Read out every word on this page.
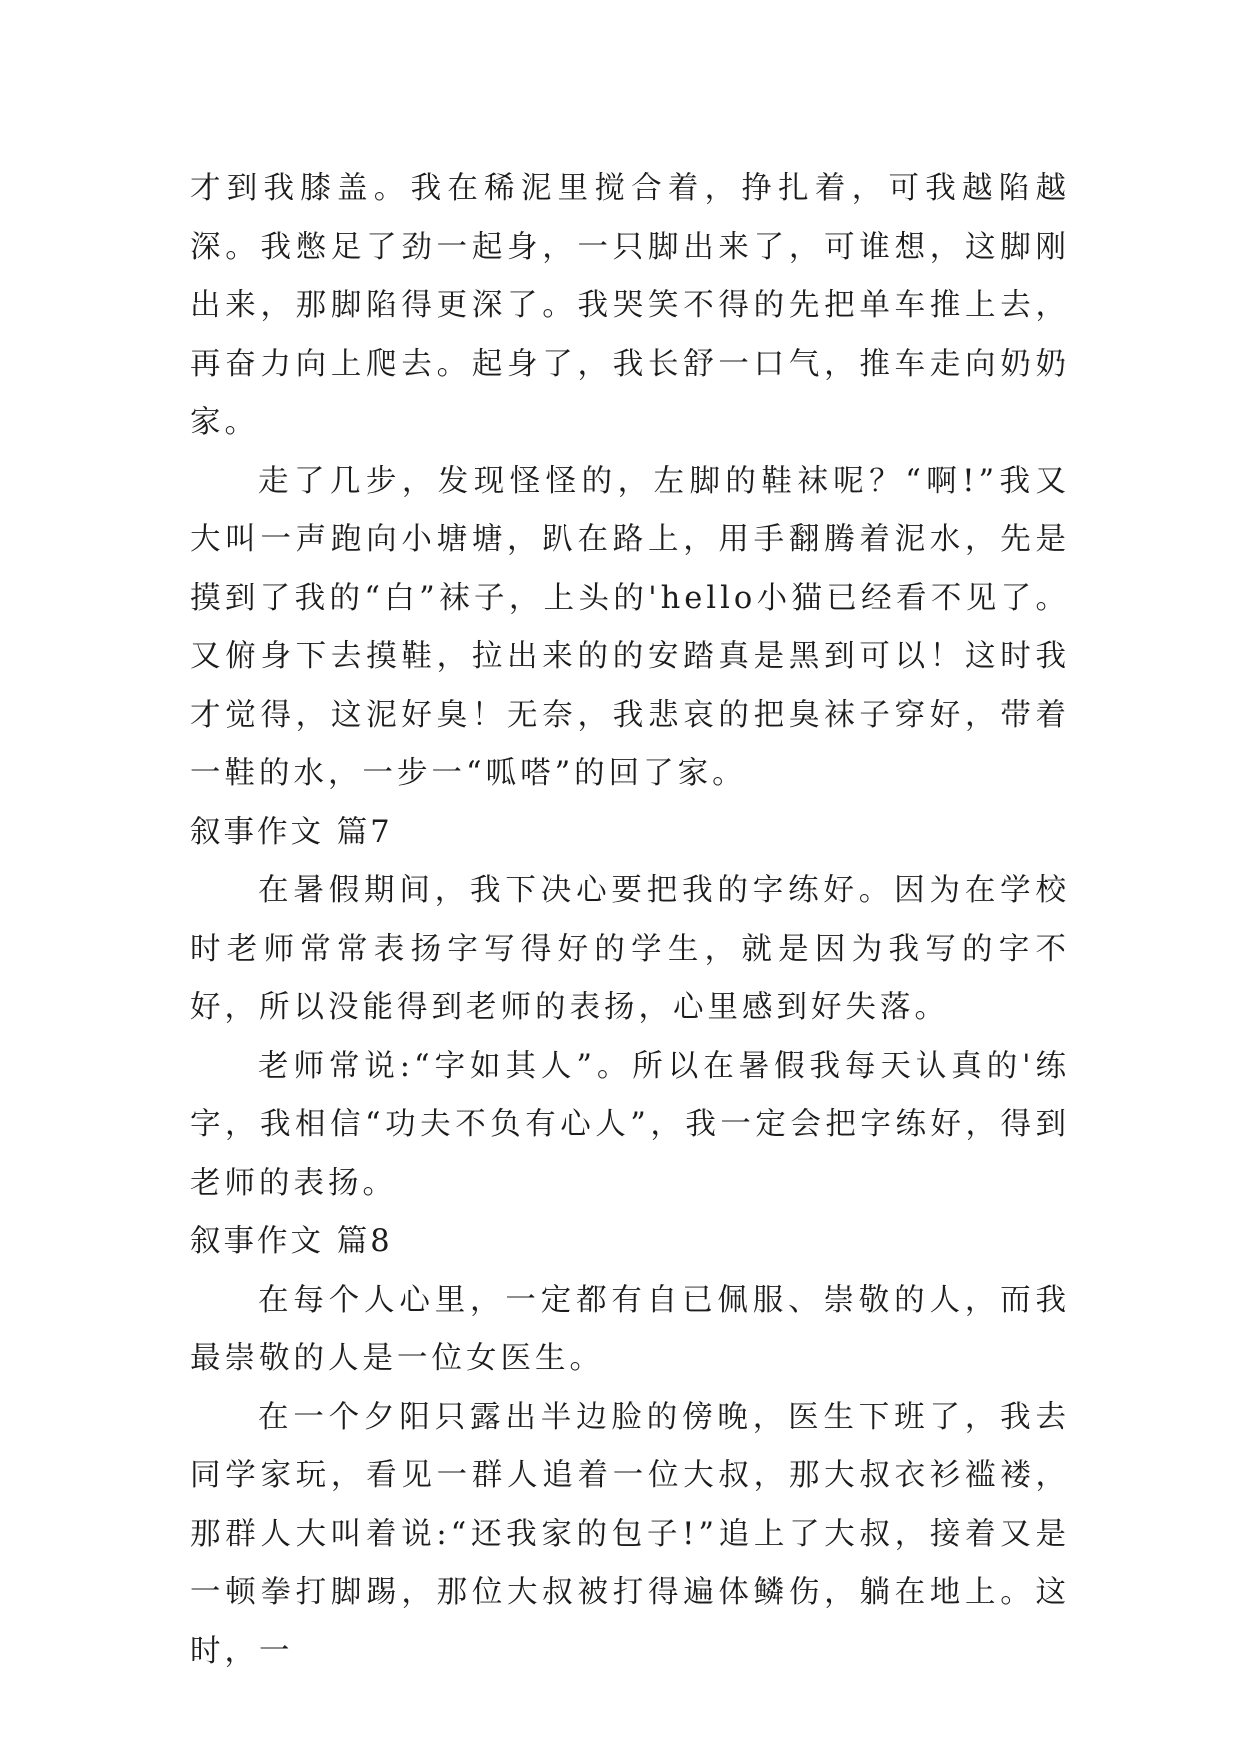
才到我膝盖。我在稀泥里搅合着，挣扎着，可我越陷越深。我憋足了劲一起身，一只脚出来了，可谁想，这脚刚出来，那脚陷得更深了。我哭笑不得的先把单车推上去，再奋力向上爬去。起身了，我长舒一口气，推车走向奶奶家。

走了几步，发现怪怪的，左脚的鞋袜呢？“啊!”我又大叫一声跑向小塘塘，趴在路上，用手翻腾着泥水，先是摸到了我的“白”袜子，上头的'hello小猫已经看不见了。又俯身下去摸鞋，拉出来的的安踏真是黑到可以！这时我才觉得，这泥好臭！无奈，我悲哀的把臭袜子穿好，带着一鞋的水，一步一“呱嗒”的回了家。

叙事作文 篇7

在暑假期间，我下决心要把我的字练好。因为在学校时老师常常表扬字写得好的学生，就是因为我写的字不好，所以没能得到老师的表扬，心里感到好失落。

老师常说:“字如其人”。所以在暑假我每天认真的'练字，我相信“功夫不负有心人”，我一定会把字练好，得到老师的表扬。

叙事作文 篇8

在每个人心里，一定都有自已佩服、崇敬的人，而我最崇敬的人是一位女医生。

在一个夕阳只露出半边脸的傍晚，医生下班了，我去同学家玩，看见一群人追着一位大叔，那大叔衣衫褴褛，那群人大叫着说:“还我家的包子!”追上了大叔，接着又是一顿拳打脚踢，那位大叔被打得遍体鳞伤，躺在地上。这时，一
